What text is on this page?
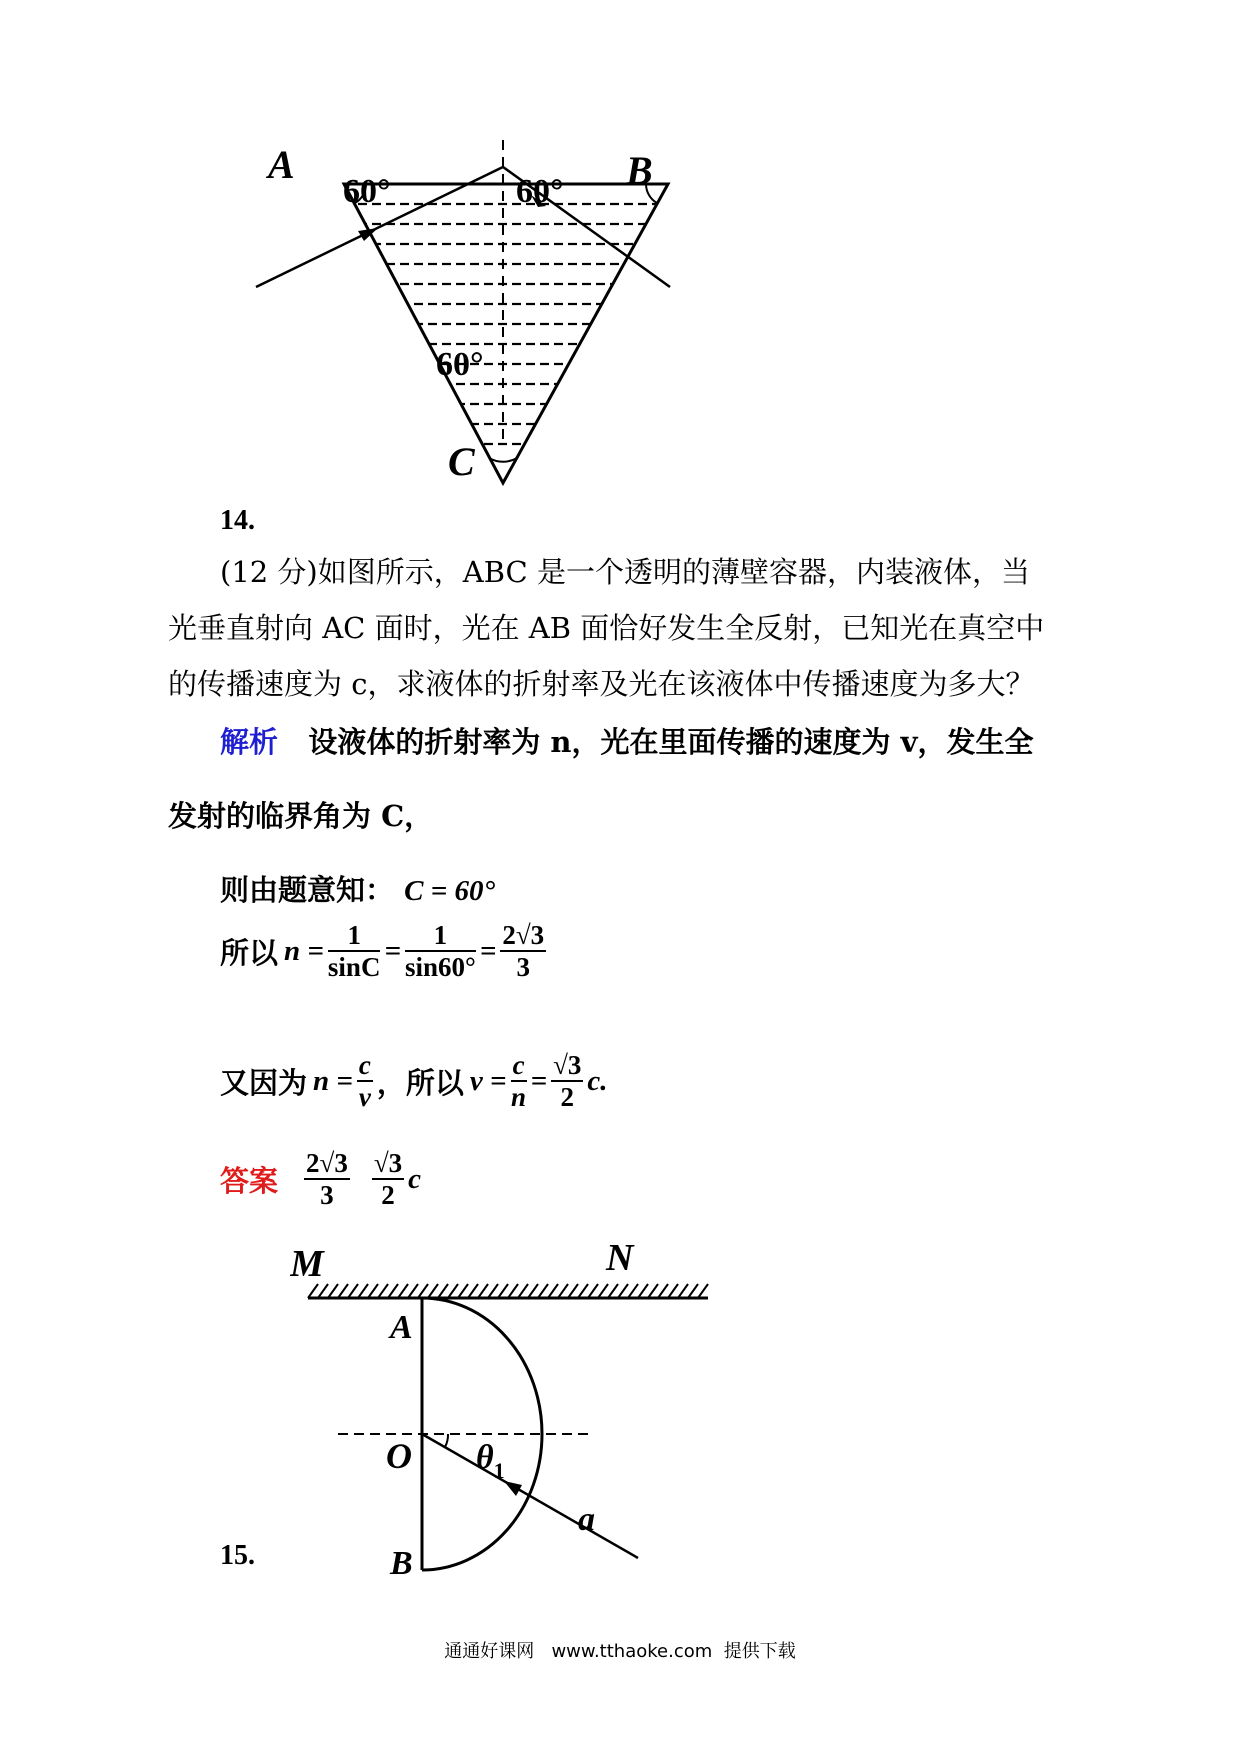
A	B
C
60°	60°
60°
14.
(12 分)如图所示，ABC 是一个透明的薄壁容器，内装液体，当
光垂直射向 AC 面时，光在 AB 面恰好发生全反射，已知光在真空中
的传播速度为 c，求液体的折射率及光在该液体中传播速度为多大？
解析 设液体的折射率为 n，光在里面传播的速度为 v，发生全
发射的临界角为 C，
则由题意知： C = 60°
所以 $n = \frac{1}{\sin C} = \frac{1}{\sin 60^\circ} = \frac{2√3}{3}$
又因为 $n = \frac{c}{v}$ ，所以 $v = \frac{c}{n} = \frac{√3}{2} c$.
答案 $\frac{2√3}{3} \frac{√3}{2}$ c
M	N
A
O
B
$\theta_1$
a
15.
通通好课网   www.tthaoke.com  提供下载
